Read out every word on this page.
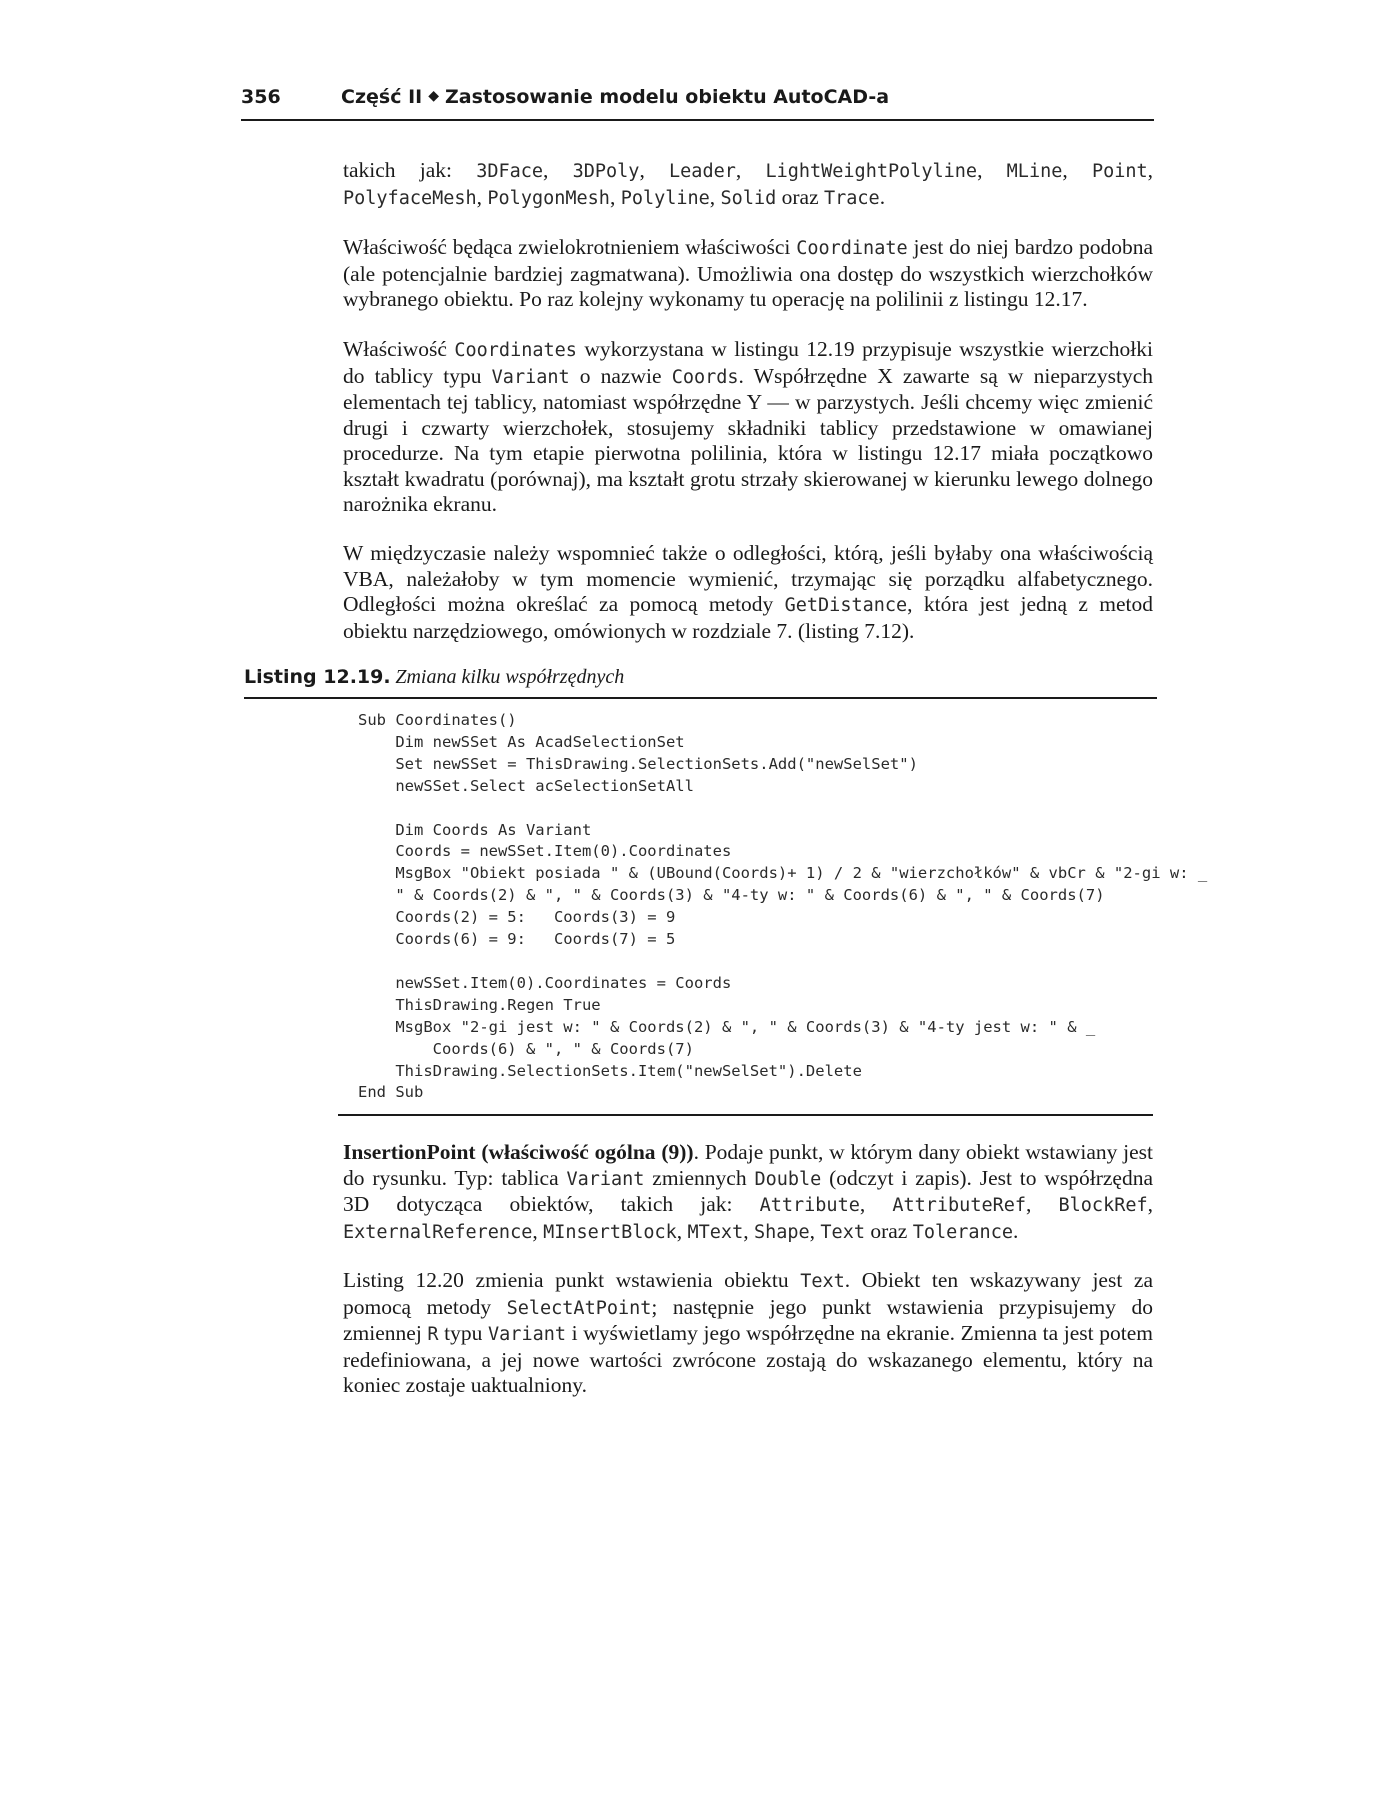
356	Część II ◆ Zastosowanie modelu obiektu AutoCAD-a

takich jak: 3DFace, 3DPoly, Leader, LightWeightPolyline, MLine, Point, PolyfaceMesh, PolygonMesh, Polyline, Solid oraz Trace.

Właściwość będąca zwielokrotnieniem właściwości Coordinate jest do niej bardzo podobna (ale potencjalnie bardziej zagmatwana). Umożliwia ona dostęp do wszystkich wierzchołków wybranego obiektu. Po raz kolejny wykonamy tu operację na polilinii z listingu 12.17.

Właściwość Coordinates wykorzystana w listingu 12.19 przypisuje wszystkie wierzchołki do tablicy typu Variant o nazwie Coords. Współrzędne X zawarte są w nieparzystych elementach tej tablicy, natomiast współrzędne Y — w parzystych. Jeśli chcemy więc zmienić drugi i czwarty wierzchołek, stosujemy składniki tablicy przedstawione w omawianej procedurze. Na tym etapie pierwotna polilinia, która w listingu 12.17 miała początkowo kształt kwadratu (porównaj), ma kształt grotu strzały skierowanej w kierunku lewego dolnego narożnika ekranu.

W międzyczasie należy wspomnieć także o odległości, którą, jeśli byłaby ona właściwością VBA, należałoby w tym momencie wymienić, trzymając się porządku alfabetycznego. Odległości można określać za pomocą metody GetDistance, która jest jedną z metod obiektu narzędziowego, omówionych w rozdziale 7. (listing 7.12).

Listing 12.19. Zmiana kilku współrzędnych
Sub Coordinates()
Dim newSSet As AcadSelectionSet
Set newSSet = ThisDrawing.SelectionSets.Add("newSelSet")
newSSet.Select acSelectionSetAll

Dim Coords As Variant
Coords = newSSet.Item(0).Coordinates
MsgBox "Obiekt posiada " & (UBound(Coords)+ 1) / 2 & "wierzchołków" & vbCr & "2-gi w: _
" & Coords(2) & ", " & Coords(3) & "4-ty w: " & Coords(6) & ", " & Coords(7)
Coords(2) = 5:   Coords(3) = 9
Coords(6) = 9:   Coords(7) = 5

newSSet.Item(0).Coordinates = Coords
ThisDrawing.Regen True
MsgBox "2-gi jest w: " & Coords(2) & ", " & Coords(3) & "4-ty jest w: " & _
Coords(6) & ", " & Coords(7)
ThisDrawing.SelectionSets.Item("newSelSet").Delete
End Sub

InsertionPoint (właściwość ogólna (9)). Podaje punkt, w którym dany obiekt wstawiany jest do rysunku. Typ: tablica Variant zmiennych Double (odczyt i zapis). Jest to współrzędna 3D dotycząca obiektów, takich jak: Attribute, AttributeRef, BlockRef, ExternalReference, MInsertBlock, MText, Shape, Text oraz Tolerance.

Listing 12.20 zmienia punkt wstawienia obiektu Text. Obiekt ten wskazywany jest za pomocą metody SelectAtPoint; następnie jego punkt wstawienia przypisujemy do zmiennej R typu Variant i wyświetlamy jego współrzędne na ekranie. Zmienna ta jest potem redefiniowana, a jej nowe wartości zwrócone zostają do wskazanego elementu, który na koniec zostaje uaktualniony.
